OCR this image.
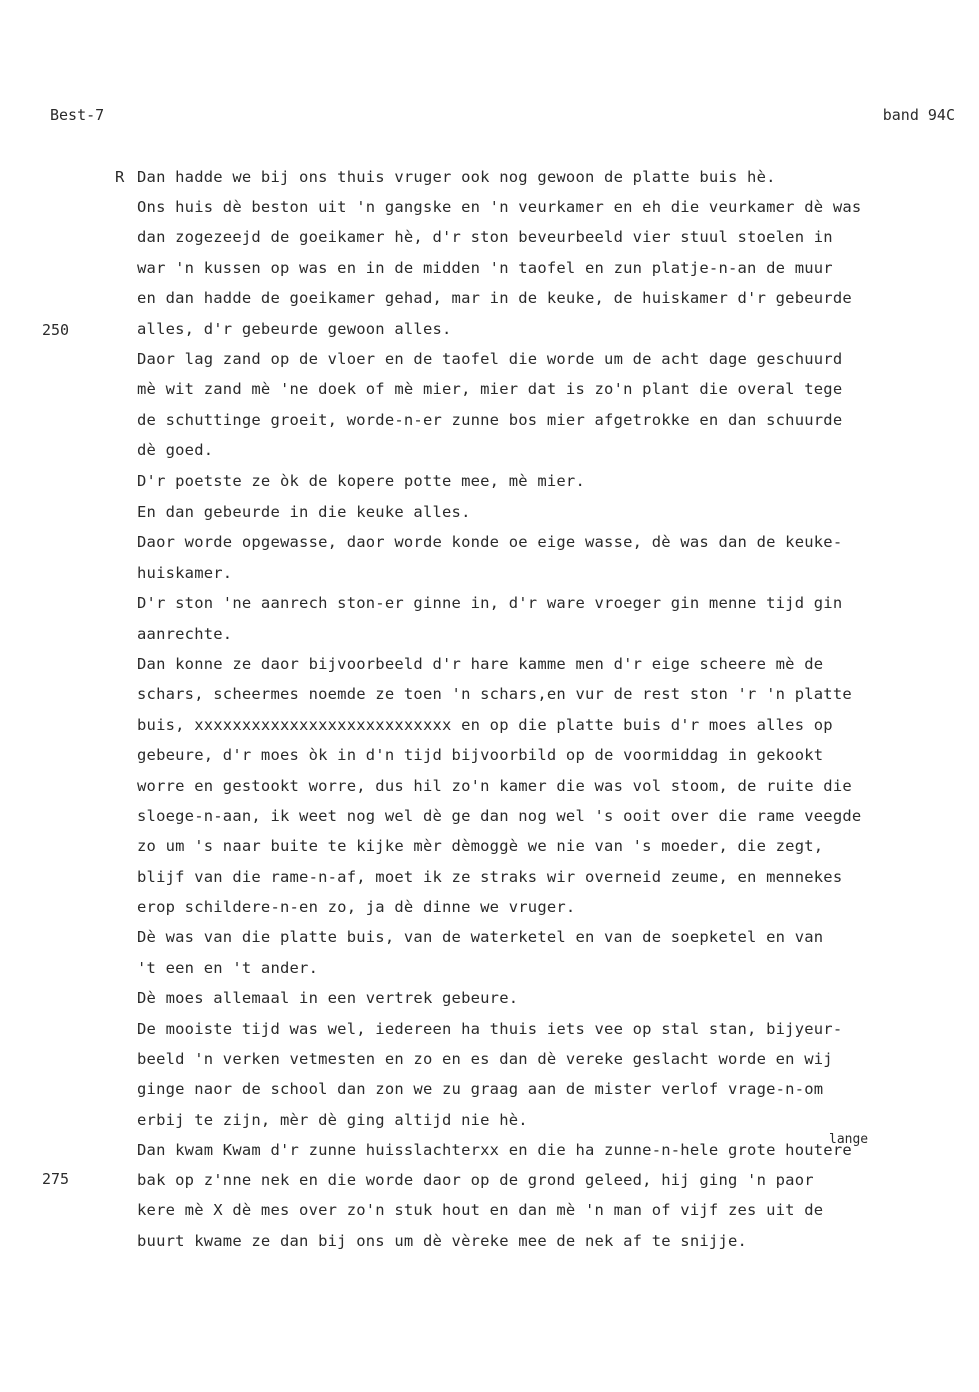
Best-7	band 94C
R
250
275
lange
Dan hadde we bij ons thuis vruger ook nog gewoon de platte buis hè.
Ons huis dè beston uit 'n gangske en 'n veurkamer en eh die veurkamer dè was
dan zogezeejd de goeikamer hè, d'r ston beveurbeeld vier stuul stoelen in
war 'n kussen op was en in de midden 'n taofel en zun platje-n-an de muur
en dan hadde de goeikamer gehad, mar in de keuke, de huiskamer d'r gebeurde
alles, d'r gebeurde gewoon alles.
Daor lag zand op de vloer en de taofel die worde um de acht dage geschuurd
mè wit zand mè 'ne doek of mè mier, mier dat is zo'n plant die overal tege
de schuttinge groeit, worde-n-er zunne bos mier afgetrokke en dan schuurde
dè goed.
D'r poetste ze òk de kopere potte mee, mè mier.
En dan gebeurde in die keuke alles.
Daor worde opgewasse, daor worde konde oe eige wasse, dè was dan de keuke-
huiskamer.
D'r ston 'ne aanrech ston-er ginne in, d'r ware vroeger gin menne tijd gin
aanrechte.
Dan konne ze daor bijvoorbeeld d'r hare kamme men d'r eige scheere mè de
schars, scheermes noemde ze toen 'n schars,en vur de rest ston 'r 'n platte
buis, xxxxxxxxxxxxxxxxxxxxxxxxxxx en op die platte buis d'r moes alles op
gebeure, d'r moes òk in d'n tijd bijvoorbild op de voormiddag in gekookt
worre en gestookt worre, dus hil zo'n kamer die was vol stoom, de ruite die
sloege-n-aan, ik weet nog wel dè ge dan nog wel 's ooit over die rame veegde
zo um 's naar buite te kijke mèr dèmoggè we nie van 's moeder, die zegt,
blijf van die rame-n-af, moet ik ze straks wir overneid zeume, en mennekes
erop schildere-n-en zo, ja dè dinne we vruger.
Dè was van die platte buis, van de waterketel en van de soepketel en van
't een en 't ander.
Dè moes allemaal in een vertrek gebeure.
De mooiste tijd was wel, iedereen ha thuis iets vee op stal stan, bijyeur-
beeld 'n verken vetmesten en zo en es dan dè vereke geslacht worde en wij
ginge naor de school dan zon we zu graag aan de mister verlof vrage-n-om
erbij te zijn, mèr dè ging altijd nie hè.
Dan kwam Kwam d'r zunne huisslachterxx en die ha zunne-n-hele grote houtere
bak op z'nne nek en die worde daor op de grond geleed, hij ging 'n paor
kere mè X dè mes over zo'n stuk hout en dan mè 'n man of vijf zes uit de
buurt kwame ze dan bij ons um dè vèreke mee de nek af te snijje.
